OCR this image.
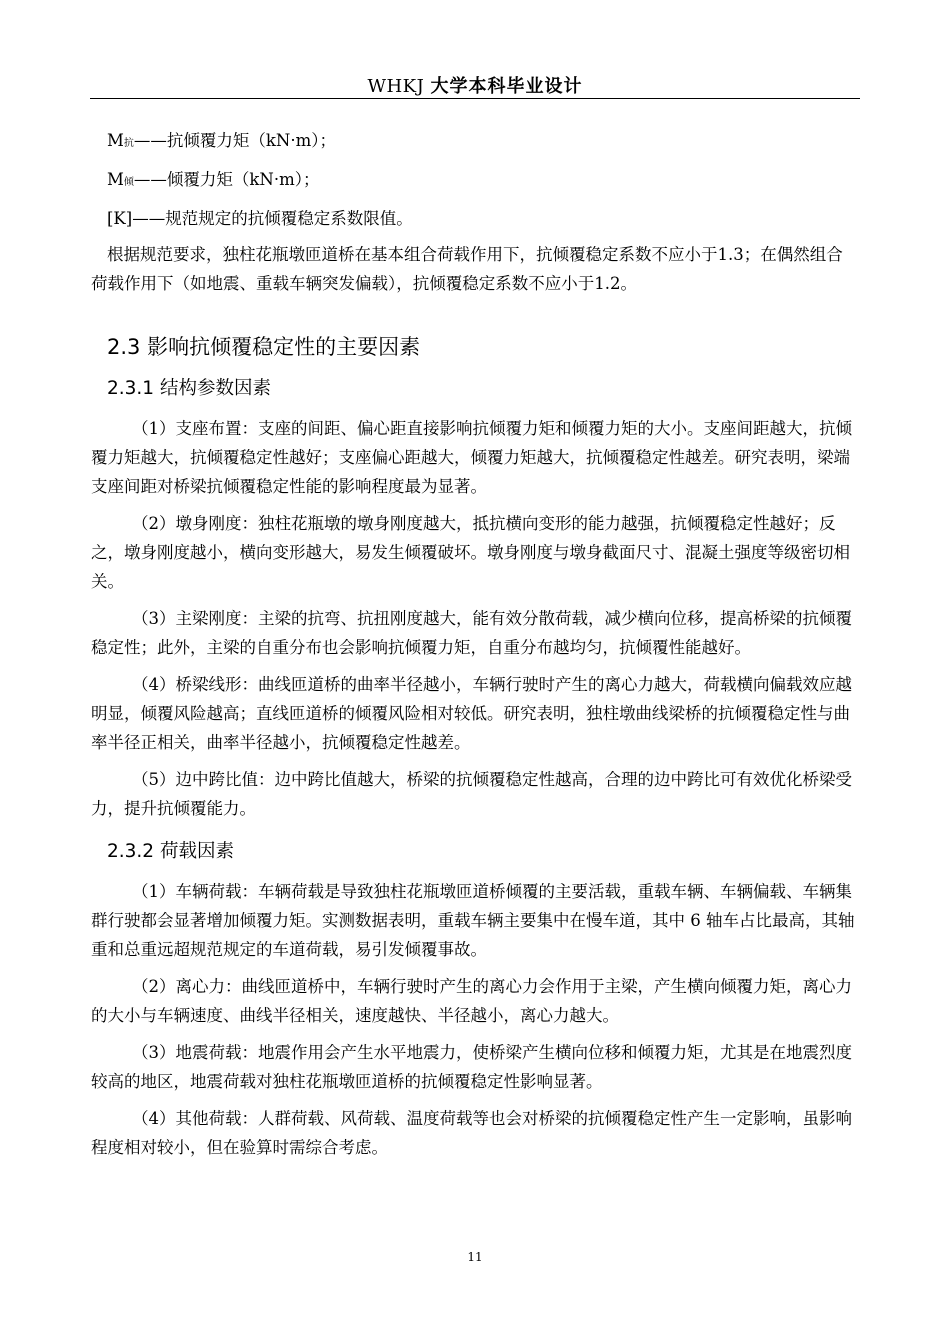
WHKJ 大学本科毕业设计

M抗——抗倾覆力矩（kN·m）；

M倾——倾覆力矩（kN·m）；

[K]——规范规定的抗倾覆稳定系数限值。

根据规范要求，独柱花瓶墩匝道桥在基本组合荷载作用下，抗倾覆稳定系数不应小于1.3；在偶然组合荷载作用下（如地震、重载车辆突发偏载），抗倾覆稳定系数不应小于1.2。

2.3 影响抗倾覆稳定性的主要因素
2.3.1 结构参数因素

（1）支座布置：支座的间距、偏心距直接影响抗倾覆力矩和倾覆力矩的大小。支座间距越大，抗倾覆力矩越大，抗倾覆稳定性越好；支座偏心距越大，倾覆力矩越大，抗倾覆稳定性越差。研究表明，梁端支座间距对桥梁抗倾覆稳定性能的影响程度最为显著。

（2）墩身刚度：独柱花瓶墩的墩身刚度越大，抵抗横向变形的能力越强，抗倾覆稳定性越好；反之，墩身刚度越小，横向变形越大，易发生倾覆破坏。墩身刚度与墩身截面尺寸、混凝土强度等级密切相关。

（3）主梁刚度：主梁的抗弯、抗扭刚度越大，能有效分散荷载，减少横向位移，提高桥梁的抗倾覆稳定性；此外，主梁的自重分布也会影响抗倾覆力矩，自重分布越均匀，抗倾覆性能越好。

（4）桥梁线形：曲线匝道桥的曲率半径越小，车辆行驶时产生的离心力越大，荷载横向偏载效应越明显，倾覆风险越高；直线匝道桥的倾覆风险相对较低。研究表明，独柱墩曲线梁桥的抗倾覆稳定性与曲率半径正相关，曲率半径越小，抗倾覆稳定性越差。

（5）边中跨比值：边中跨比值越大，桥梁的抗倾覆稳定性越高，合理的边中跨比可有效优化桥梁受力，提升抗倾覆能力。

2.3.2 荷载因素

（1）车辆荷载：车辆荷载是导致独柱花瓶墩匝道桥倾覆的主要活载，重载车辆、车辆偏载、车辆集群行驶都会显著增加倾覆力矩。实测数据表明，重载车辆主要集中在慢车道，其中 6 轴车占比最高，其轴重和总重远超规范规定的车道荷载，易引发倾覆事故。

（2）离心力：曲线匝道桥中，车辆行驶时产生的离心力会作用于主梁，产生横向倾覆力矩，离心力的大小与车辆速度、曲线半径相关，速度越快、半径越小，离心力越大。

（3）地震荷载：地震作用会产生水平地震力，使桥梁产生横向位移和倾覆力矩，尤其是在地震烈度较高的地区，地震荷载对独柱花瓶墩匝道桥的抗倾覆稳定性影响显著。

（4）其他荷载：人群荷载、风荷载、温度荷载等也会对桥梁的抗倾覆稳定性产生一定影响，虽影响程度相对较小，但在验算时需综合考虑。

11
